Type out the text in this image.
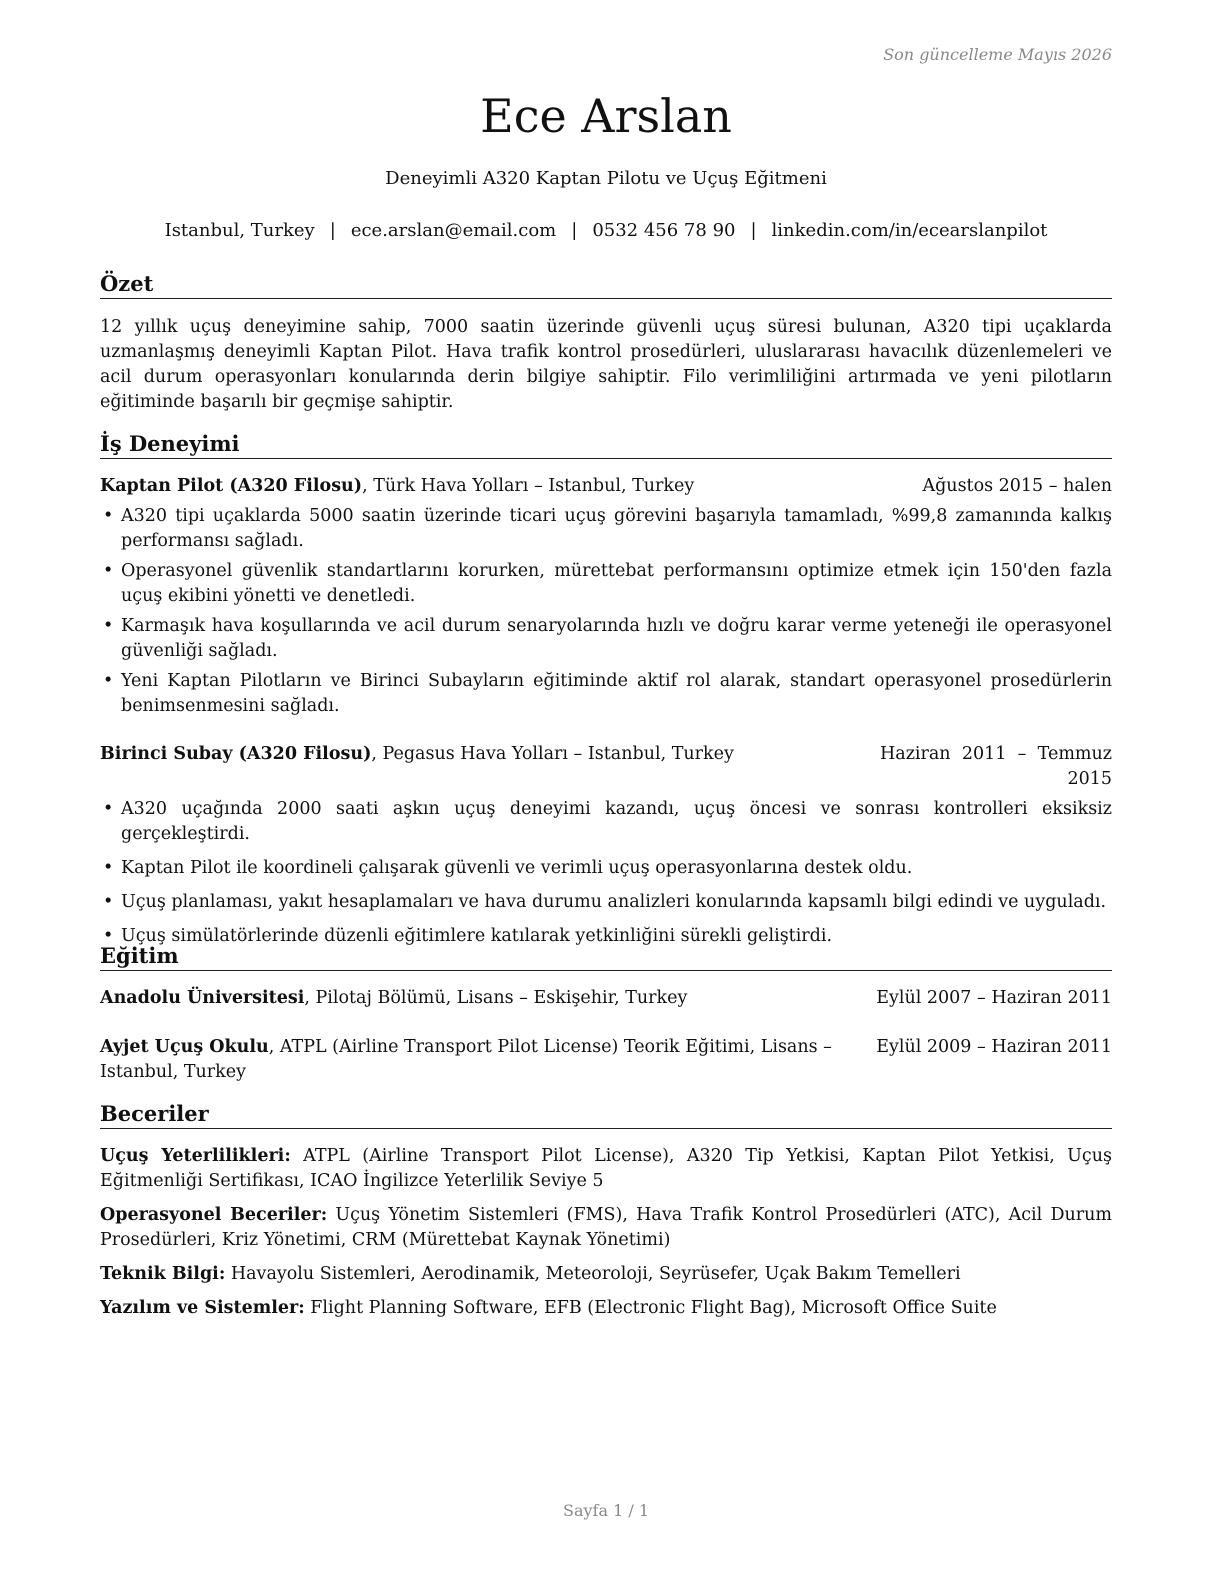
Son güncelleme Mayıs 2026
Ece Arslan
Deneyimli A320 Kaptan Pilotu ve Uçuş Eğitmeni
Istanbul, Turkey | ece.arslan@email.com | 0532 456 78 90 | linkedin.com/in/ecearslanpilot
Özet
12 yıllık uçuş deneyimine sahip, 7000 saatin üzerinde güvenli uçuş süresi bulunan, A320 tipi uçaklarda uzmanlaşmış deneyimli Kaptan Pilot. Hava trafik kontrol prosedürleri, uluslararası havacılık düzenlemeleri ve acil durum operasyonları konularında derin bilgiye sahiptir. Filo verimliliğini artırmada ve yeni pilotların eğitiminde başarılı bir geçmişe sahiptir.
İş Deneyimi
Kaptan Pilot (A320 Filosu), Türk Hava Yolları – Istanbul, Turkey	Ağustos 2015 – halen
• A320 tipi uçaklarda 5000 saatin üzerinde ticari uçuş görevini başarıyla tamamladı, %99,8 zamanında kalkış performansı sağladı.
• Operasyonel güvenlik standartlarını korurken, mürettebat performansını optimize etmek için 150'den fazla uçuş ekibini yönetti ve denetledi.
• Karmaşık hava koşullarında ve acil durum senaryolarında hızlı ve doğru karar verme yeteneği ile operasyonel güvenliği sağladı.
• Yeni Kaptan Pilotların ve Birinci Subayların eğitiminde aktif rol alarak, standart operasyonel prosedürlerin benimsenmesini sağladı.
Birinci Subay (A320 Filosu), Pegasus Hava Yolları – Istanbul, Turkey	Haziran 2011 – Temmuz 2015
• A320 uçağında 2000 saati aşkın uçuş deneyimi kazandı, uçuş öncesi ve sonrası kontrolleri eksiksiz gerçekleştirdi.
• Kaptan Pilot ile koordineli çalışarak güvenli ve verimli uçuş operasyonlarına destek oldu.
• Uçuş planlaması, yakıt hesaplamaları ve hava durumu analizleri konularında kapsamlı bilgi edindi ve uyguladı.
• Uçuş simülatörlerinde düzenli eğitimlere katılarak yetkinliğini sürekli geliştirdi.
Eğitim
Anadolu Üniversitesi, Pilotaj Bölümü, Lisans – Eskişehir, Turkey	Eylül 2007 – Haziran 2011
Ayjet Uçuş Okulu, ATPL (Airline Transport Pilot License) Teorik Eğitimi, Lisans – Istanbul, Turkey
Eylül 2009 – Haziran 2011
Beceriler
Uçuş Yeterlilikleri: ATPL (Airline Transport Pilot License), A320 Tip Yetkisi, Kaptan Pilot Yetkisi, Uçuş Eğitmenliği Sertifikası, ICAO İngilizce Yeterlilik Seviye 5
Operasyonel Beceriler: Uçuş Yönetim Sistemleri (FMS), Hava Trafik Kontrol Prosedürleri (ATC), Acil Durum Prosedürleri, Kriz Yönetimi, CRM (Mürettebat Kaynak Yönetimi)
Teknik Bilgi: Havayolu Sistemleri, Aerodinamik, Meteoroloji, Seyrüsefer, Uçak Bakım Temelleri
Yazılım ve Sistemler: Flight Planning Software, EFB (Electronic Flight Bag), Microsoft Office Suite
Sayfa 1 / 1
